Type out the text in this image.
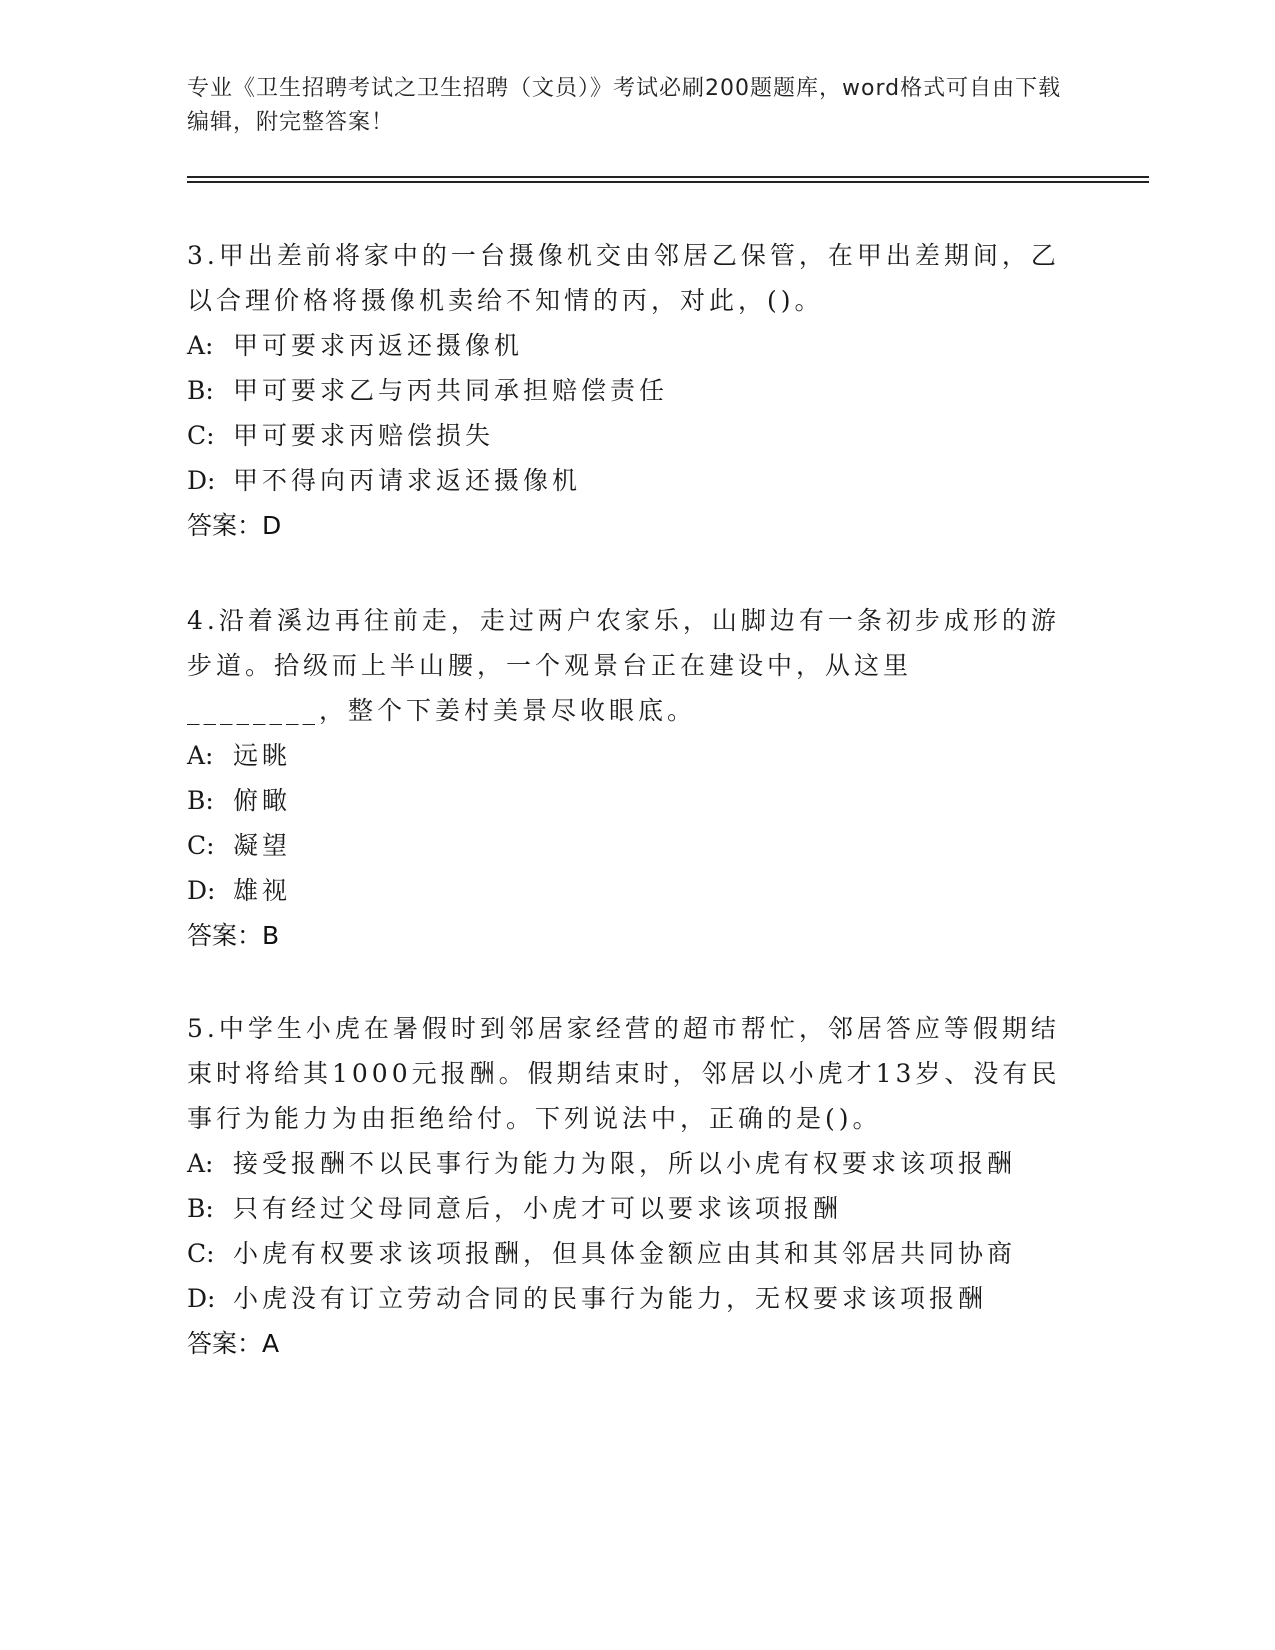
专业《卫生招聘考试之卫生招聘（文员）》考试必刷200题题库，word格式可自由下载编辑，附完整答案！

3.甲出差前将家中的一台摄像机交由邻居乙保管，在甲出差期间，乙以合理价格将摄像机卖给不知情的丙，对此，()。

A: 甲可要求丙返还摄像机

B: 甲可要求乙与丙共同承担赔偿责任

C: 甲可要求丙赔偿损失

D: 甲不得向丙请求返还摄像机

答案：D

4.沿着溪边再往前走，走过两户农家乐，山脚边有一条初步成形的游步道。拾级而上半山腰，一个观景台正在建设中，从这里________，整个下姜村美景尽收眼底。

A: 远眺

B: 俯瞰

C: 凝望

D: 雄视

答案：B

5.中学生小虎在暑假时到邻居家经营的超市帮忙，邻居答应等假期结束时将给其1000元报酬。假期结束时，邻居以小虎才13岁、没有民事行为能力为由拒绝给付。下列说法中，正确的是()。

A: 接受报酬不以民事行为能力为限，所以小虎有权要求该项报酬

B: 只有经过父母同意后，小虎才可以要求该项报酬

C: 小虎有权要求该项报酬，但具体金额应由其和其邻居共同协商

D: 小虎没有订立劳动合同的民事行为能力，无权要求该项报酬

答案：A
